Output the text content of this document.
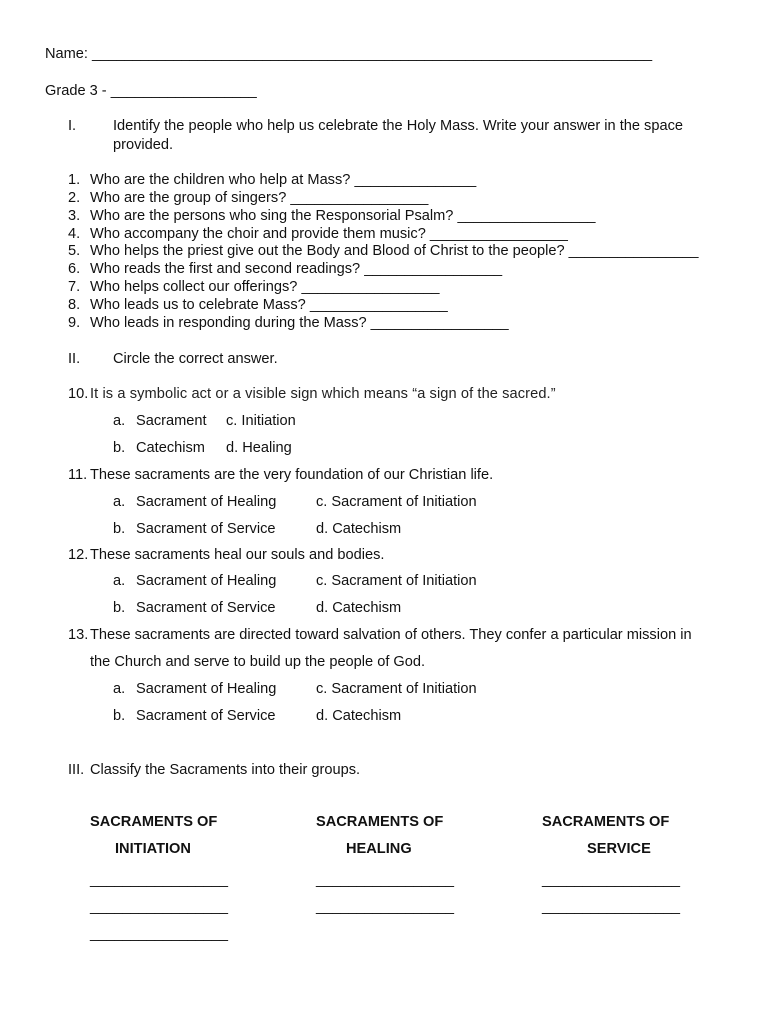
Name: _____________________________________________________________________
Grade 3 - __________________
I.	Identify the people who help us celebrate the Holy Mass. Write your answer in the space
provided.
1. Who are the children who help at Mass? _______________
2. Who are the group of singers? _________________
3. Who are the persons who sing the Responsorial Psalm? _________________
4. Who accompany the choir and provide them music? _________________
5. Who helps the priest give out the Body and Blood of Christ to the people? ________________
6. Who reads the first and second readings? _________________
7. Who helps collect our offerings? _________________
8. Who leads us to celebrate Mass? _________________
9. Who leads in responding during the Mass? _________________
II. Circle the correct answer.
10. It is a symbolic act or a visible sign which means “a sign of the sacred.”
a. Sacrament c. Initiation
b. Catechism d. Healing
11. These sacraments are the very foundation of our Christian life.
a. Sacrament of Healing	c. Sacrament of Initiation
b. Sacrament of Service	d. Catechism
12. These sacraments heal our souls and bodies.
a. Sacrament of Healing	c. Sacrament of Initiation
b. Sacrament of Service	d. Catechism
13. These sacraments are directed toward salvation of others. They confer a particular mission in
the Church and serve to build up the people of God.
a. Sacrament of Healing	c. Sacrament of Initiation
b. Sacrament of Service	d. Catechism
III. Classify the Sacraments into their groups.
SACRAMENTS OF
INITIATION
_________________
_________________
_________________
SACRAMENTS OF
HEALING
_________________
_________________
SACRAMENTS OF
SERVICE
_________________
_________________
